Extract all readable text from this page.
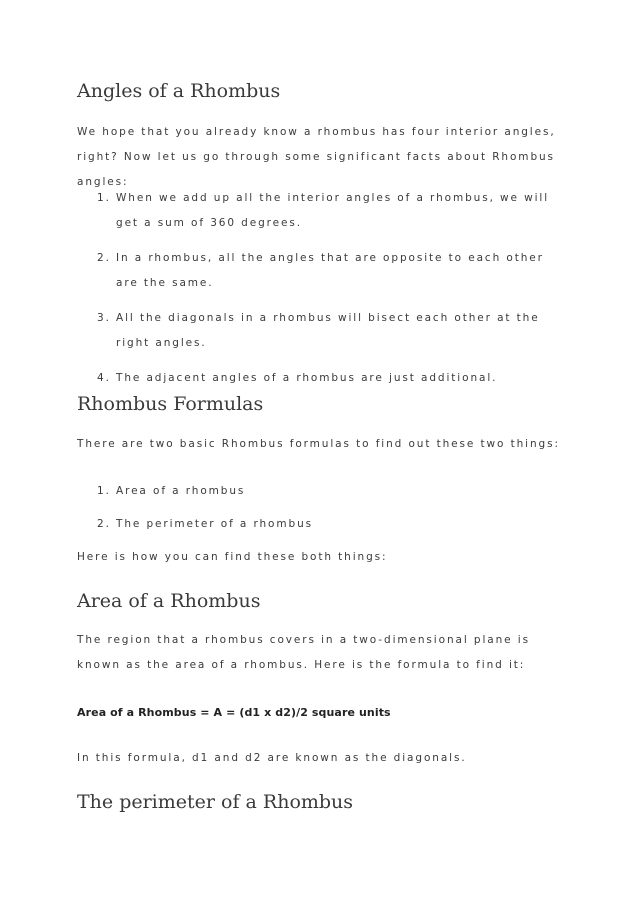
Angles of a Rhombus

We hope that you already know a rhombus has four interior angles, right? Now let us go through some significant facts about Rhombus angles:

1. When we add up all the interior angles of a rhombus, we will get a sum of 360 degrees.
2. In a rhombus, all the angles that are opposite to each other are the same.
3. All the diagonals in a rhombus will bisect each other at the right angles.
4. The adjacent angles of a rhombus are just additional.
Rhombus Formulas

There are two basic Rhombus formulas to find out these two things:

1. Area of a rhombus
2. The perimeter of a rhombus

Here is how you can find these both things:

Area of a Rhombus

The region that a rhombus covers in a two-dimensional plane is known as the area of a rhombus. Here is the formula to find it:

Area of a Rhombus = A = (d1 x d2)/2 square units

In this formula, d1 and d2 are known as the diagonals.

The perimeter of a Rhombus
